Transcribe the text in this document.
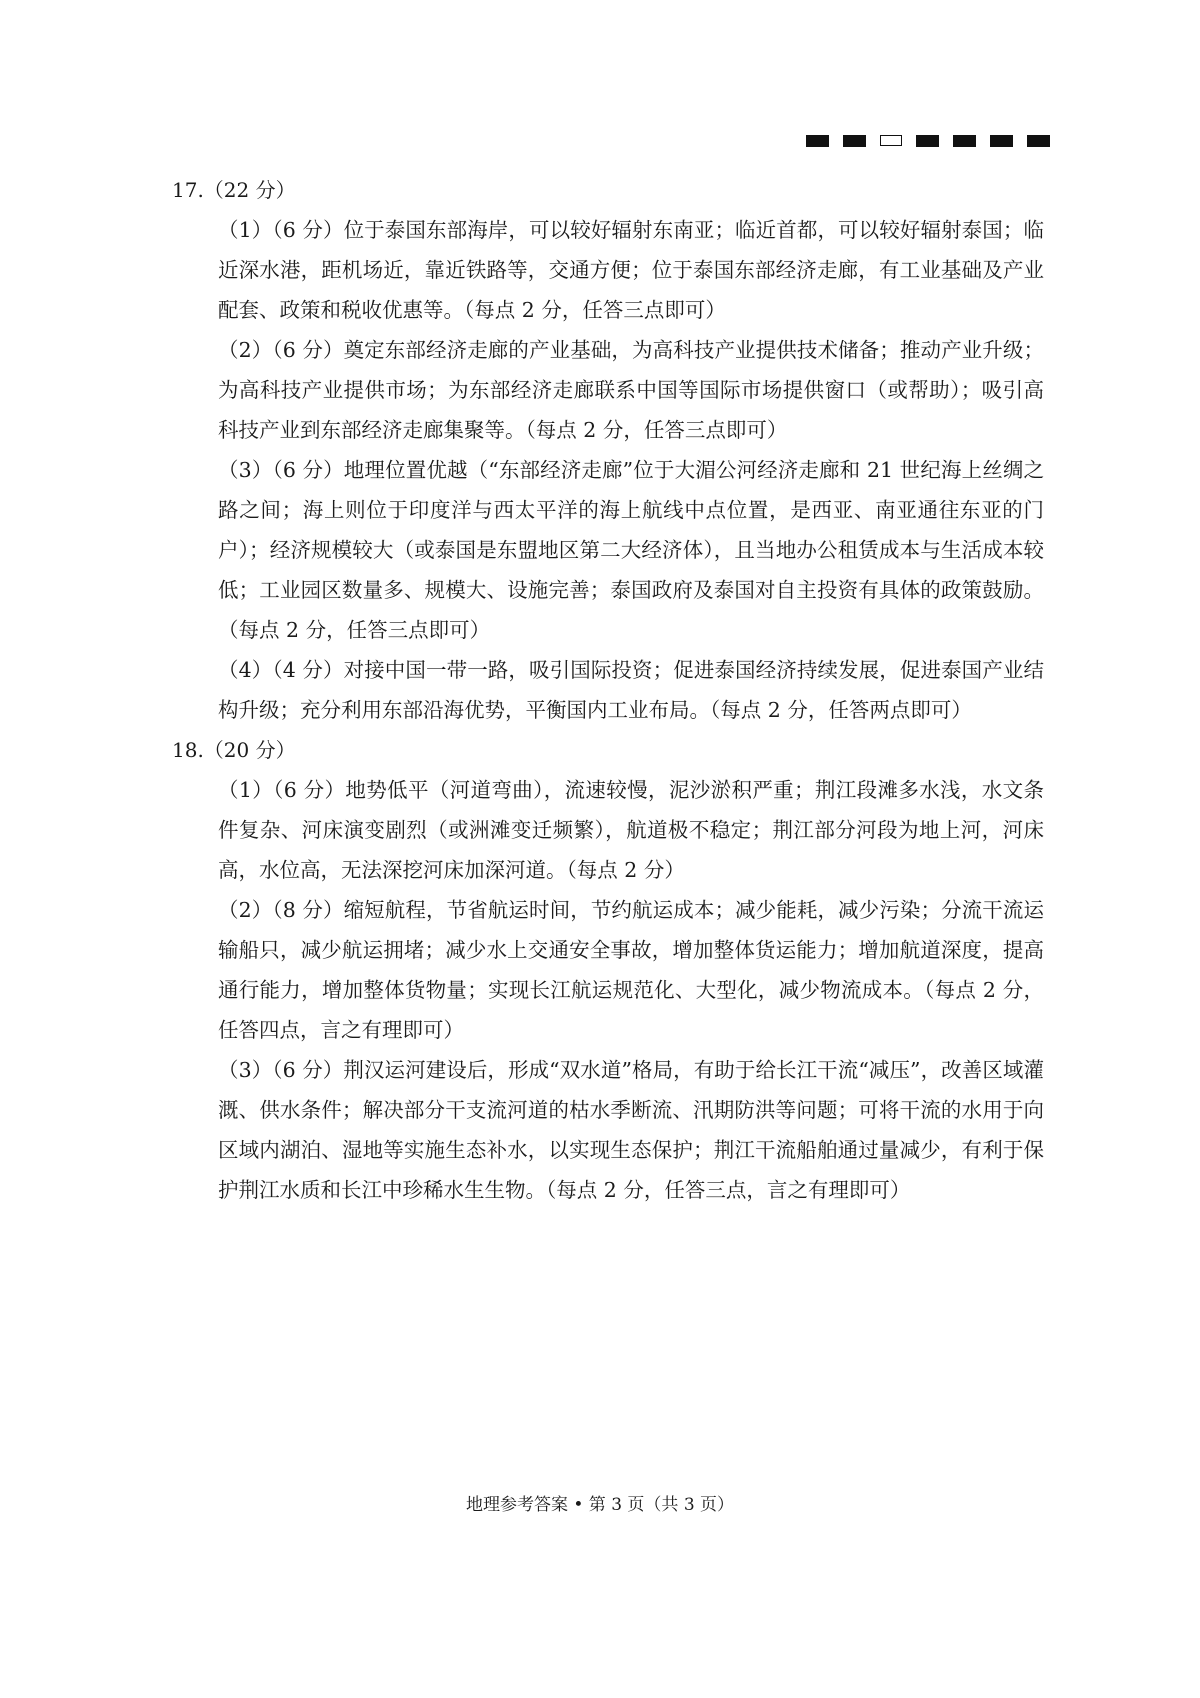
17.（22 分）

（1）（6 分）位于泰国东部海岸，可以较好辐射东南亚；临近首都，可以较好辐射泰国；临近深水港，距机场近，靠近铁路等，交通方便；位于泰国东部经济走廊，有工业基础及产业配套、政策和税收优惠等。（每点 2 分，任答三点即可）

（2）（6 分）奠定东部经济走廊的产业基础，为高科技产业提供技术储备；推动产业升级；为高科技产业提供市场；为东部经济走廊联系中国等国际市场提供窗口（或帮助）；吸引高科技产业到东部经济走廊集聚等。（每点 2 分，任答三点即可）

（3）（6 分）地理位置优越（“东部经济走廊”位于大湄公河经济走廊和 21 世纪海上丝绸之路之间；海上则位于印度洋与西太平洋的海上航线中点位置，是西亚、南亚通往东亚的门户）；经济规模较大（或泰国是东盟地区第二大经济体），且当地办公租赁成本与生活成本较低；工业园区数量多、规模大、设施完善；泰国政府及泰国对自主投资有具体的政策鼓励。（每点 2 分，任答三点即可）

（4）（4 分）对接中国一带一路，吸引国际投资；促进泰国经济持续发展，促进泰国产业结构升级；充分利用东部沿海优势，平衡国内工业布局。（每点 2 分，任答两点即可）

18.（20 分）

（1）（6 分）地势低平（河道弯曲），流速较慢，泥沙淤积严重；荆江段滩多水浅，水文条件复杂、河床演变剧烈（或洲滩变迁频繁），航道极不稳定；荆江部分河段为地上河，河床高，水位高，无法深挖河床加深河道。（每点 2 分）

（2）（8 分）缩短航程，节省航运时间，节约航运成本；减少能耗，减少污染；分流干流运输船只，减少航运拥堵；减少水上交通安全事故，增加整体货运能力；增加航道深度，提高通行能力，增加整体货物量；实现长江航运规范化、大型化，减少物流成本。（每点 2 分，任答四点，言之有理即可）

（3）（6 分）荆汉运河建设后，形成“双水道”格局，有助于给长江干流“减压”，改善区域灌溉、供水条件；解决部分干支流河道的枯水季断流、汛期防洪等问题；可将干流的水用于向区域内湖泊、湿地等实施生态补水，以实现生态保护；荆江干流船舶通过量减少，有利于保护荆江水质和长江中珍稀水生生物。（每点 2 分，任答三点，言之有理即可）

地理参考答案 • 第 3 页（共 3 页）
